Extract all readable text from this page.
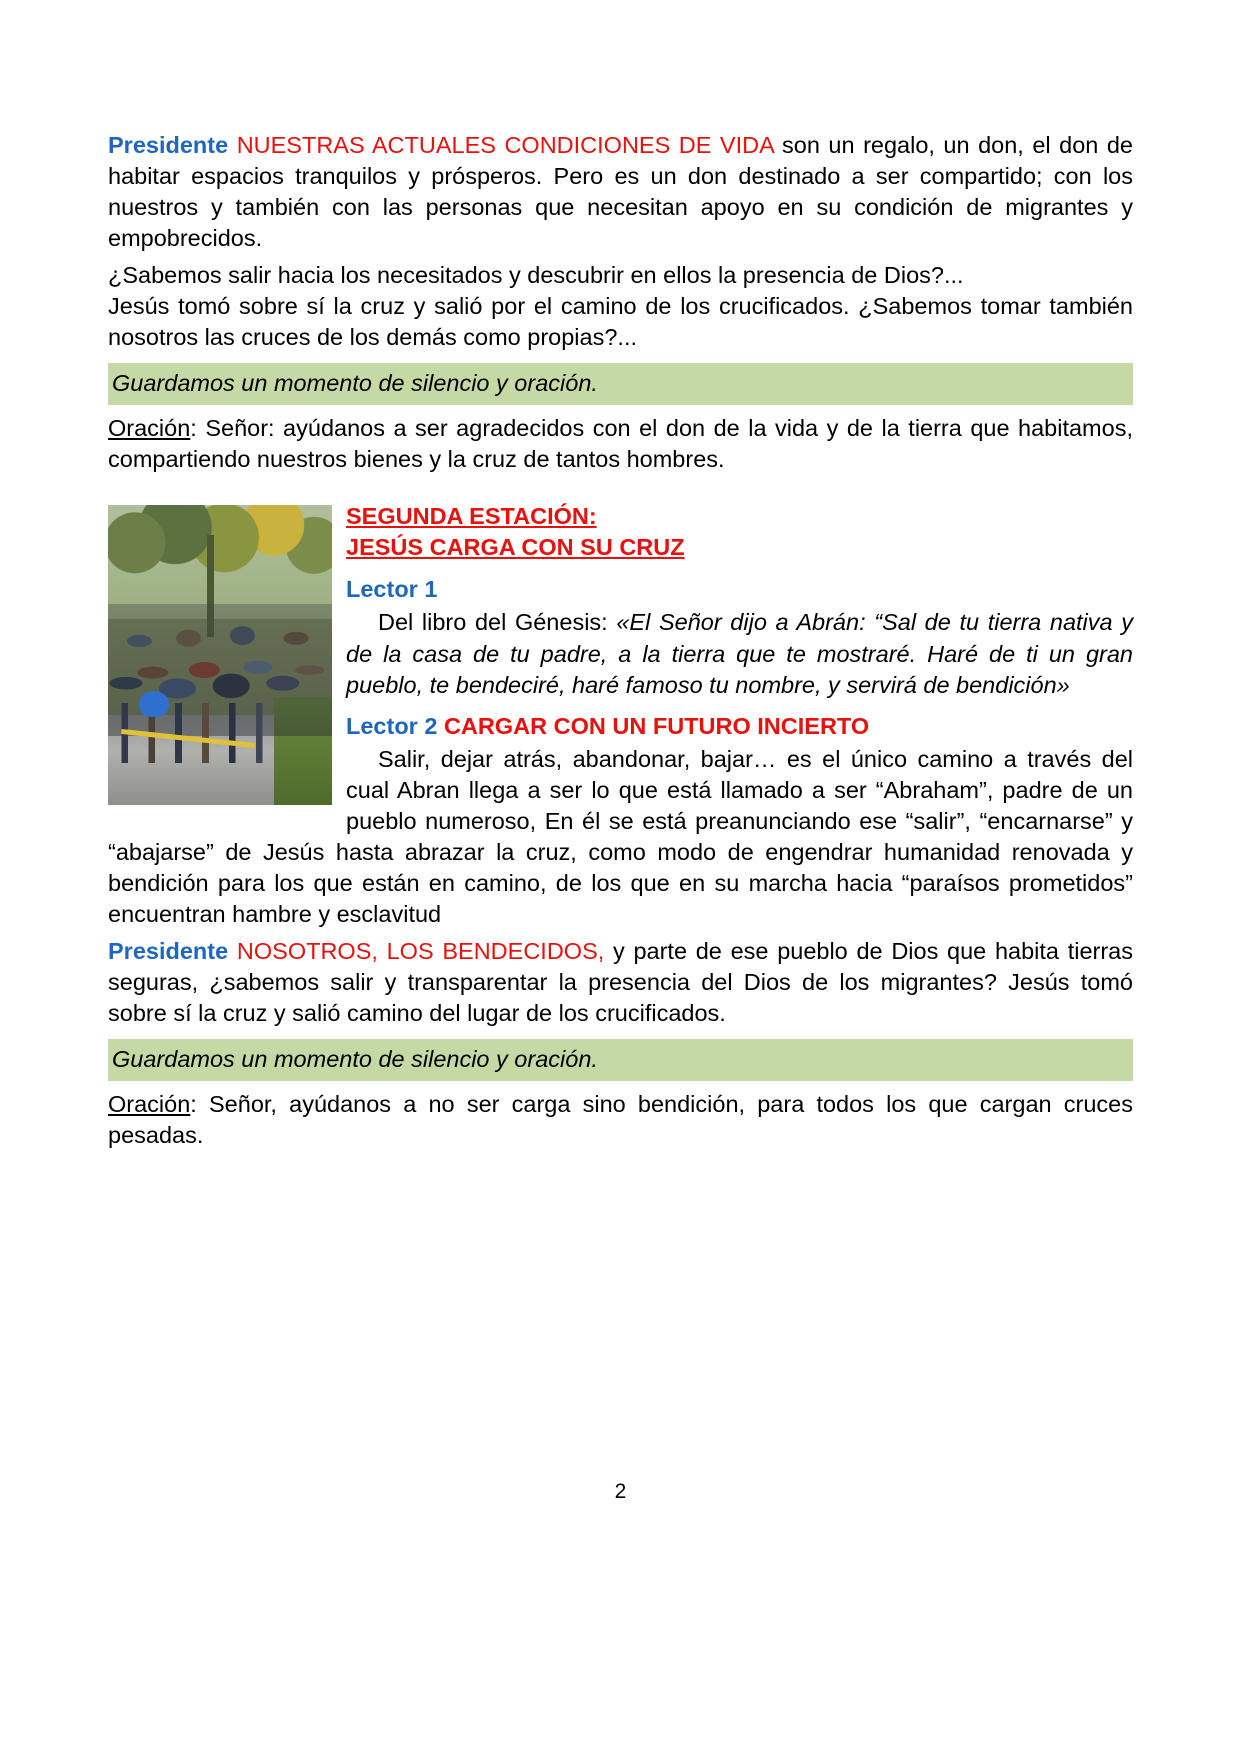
Presidente NUESTRAS ACTUALES CONDICIONES DE VIDA son un regalo, un don, el don de habitar espacios tranquilos y prósperos. Pero es un don destinado a ser compartido; con los nuestros y también con las personas que necesitan apoyo en su condición de migrantes y empobrecidos.

¿Sabemos salir hacia los necesitados y descubrir en ellos la presencia de Dios?...

Jesús tomó sobre sí la cruz y salió por el camino de los crucificados. ¿Sabemos tomar también nosotros las cruces de los demás como propias?...

Guardamos un momento de silencio y oración.

Oración: Señor: ayúdanos a ser agradecidos con el don de la vida y de la tierra que habitamos, compartiendo nuestros bienes y la cruz de tantos hombres.

SEGUNDA ESTACIÓN:
JESÚS CARGA CON SU CRUZ
Lector 1

Del libro del Génesis: «El Señor dijo a Abrán: “Sal de tu tierra nativa y de la casa de tu padre, a la tierra que te mostraré. Haré de ti un gran pueblo, te bendeciré, haré famoso tu nombre, y servirá de bendición»

Lector 2 CARGAR CON UN FUTURO INCIERTO

Salir, dejar atrás, abandonar, bajar… es el único camino a través del cual Abran llega a ser lo que está llamado a ser “Abraham”, padre de un pueblo numeroso, En él se está preanunciando ese “salir”, “encarnarse” y “abajarse” de Jesús hasta abrazar la cruz, como modo de engendrar humanidad renovada y bendición para los que están en camino, de los que en su marcha hacia “paraísos prometidos” encuentran hambre y esclavitud

Presidente NOSOTROS, LOS BENDECIDOS, y parte de ese pueblo de Dios que habita tierras seguras, ¿sabemos salir y transparentar la presencia del Dios de los migrantes? Jesús tomó sobre sí la cruz y salió camino del lugar de los crucificados.

Guardamos un momento de silencio y oración.

Oración: Señor, ayúdanos a no ser carga sino bendición, para todos los que cargan cruces pesadas.

2
